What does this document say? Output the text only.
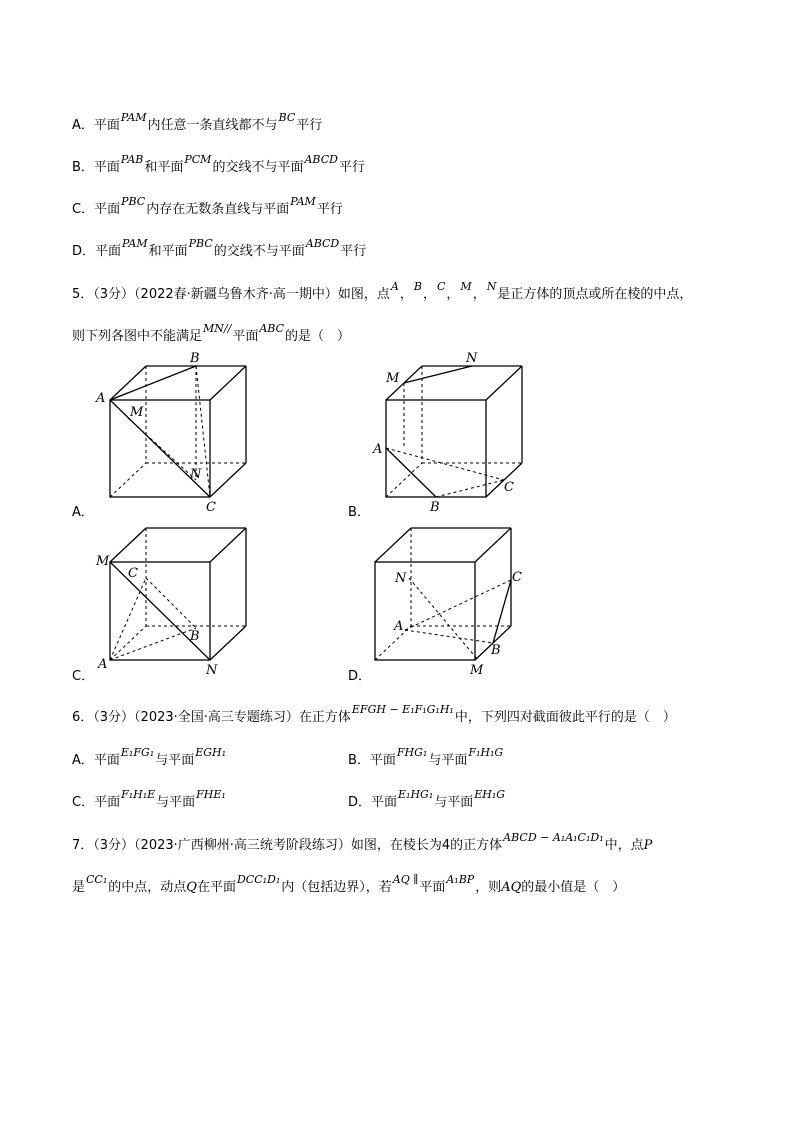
A．平面$^{PAM}$内任意一条直线都不与$^{BC}$平行
B．平面$^{PAB}$和平面$^{PCM}$的交线不与平面$^{ABCD}$平行
C．平面$^{PBC}$内存在无数条直线与平面$^{PAM}$平行
D．平面$^{PAM}$和平面$^{PBC}$的交线不与平面$^{ABCD}$平行
5．（3分）（2022春·新疆乌鲁木齐·高一期中）如图，点$^A$，$^B$，$^C$，$^M$，$^N$是正方体的顶点或所在棱的中点，
则下列各图中不能满足$^{MN//}$平面$^{ABC}$的是（　）
A．
A
B
M
N
C	B．
M
N
A
C
B
C．
M
C
B
A	N	D．
N
A
C
B
M
6．（3分）（2023·全国·高三专题练习）在正方体$^{EFGH - E_1F_1G_1H_1}$中，下列四对截面彼此平行的是（　）
A．平面$^{E_1FG_1}$与平面$^{EGH_1}$
B．平面$^{FHG_1}$与平面$^{F_1H_1G}$
C．平面$^{F_1H_1E}$与平面$^{FHE_1}$
D．平面$^{E_1HG_1}$与平面$^{EH_1G}$
7．（3分）（2023·广西柳州·高三统考阶段练习）如图，在棱长为4的正方体$^{ABCD - A_1A_1C_1D_1}$中，点P
是$^{CC_1}$的中点，动点Q在平面$^{DCC_1D_1}$内（包括边界），若$^{AQ \parallel}$平面$^{A_1BP}$，则AQ的最小值是（　）
